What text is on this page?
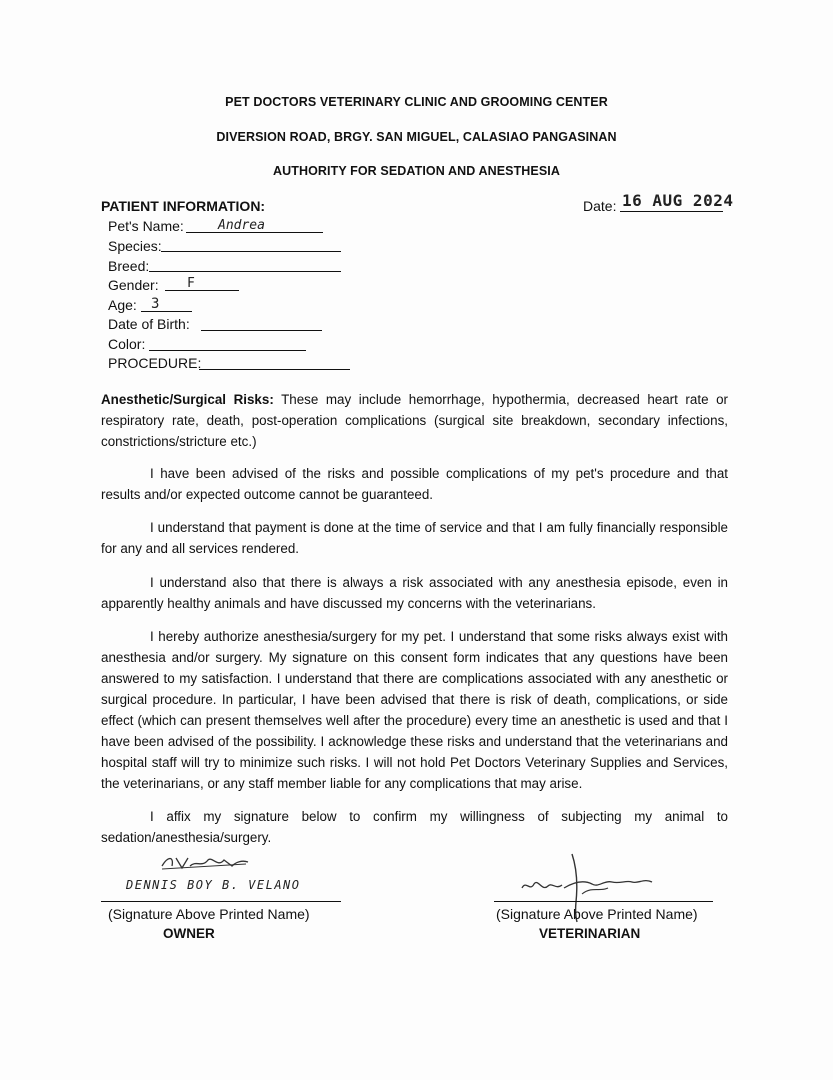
PET DOCTORS VETERINARY CLINIC AND GROOMING CENTER
DIVERSION ROAD, BRGY. SAN MIGUEL, CALASIAO PANGASINAN
AUTHORITY FOR SEDATION AND ANESTHESIA
PATIENT INFORMATION:	Date: 16 AUG 2024
Pet's Name:	Andrea
Species:
Breed:
Gender: F
Age: 3
Date of Birth:
Color:
PROCEDURE:
Anesthetic/Surgical Risks: These may include hemorrhage, hypothermia, decreased heart rate or respiratory rate, death, post-operation complications (surgical site breakdown, secondary infections, constrictions/stricture etc.)
I have been advised of the risks and possible complications of my pet's procedure and that results and/or expected outcome cannot be guaranteed.
I understand that payment is done at the time of service and that I am fully financially responsible for any and all services rendered.
I understand also that there is always a risk associated with any anesthesia episode, even in apparently healthy animals and have discussed my concerns with the veterinarians.
I hereby authorize anesthesia/surgery for my pet. I understand that some risks always exist with anesthesia and/or surgery. My signature on this consent form indicates that any questions have been answered to my satisfaction. I understand that there are complications associated with any anesthetic or surgical procedure. In particular, I have been advised that there is risk of death, complications, or side effect (which can present themselves well after the procedure) every time an anesthetic is used and that I have been advised of the possibility. I acknowledge these risks and understand that the veterinarians and hospital staff will try to minimize such risks. I will not hold Pet Doctors Veterinary Supplies and Services, the veterinarians, or any staff member liable for any complications that may arise.
I affix my signature below to confirm my willingness of subjecting my animal to sedation/anesthesia/surgery.
DENNIS BOY B. VELANO
(Signature Above Printed Name)
OWNER
(Signature Above Printed Name)
VETERINARIAN
